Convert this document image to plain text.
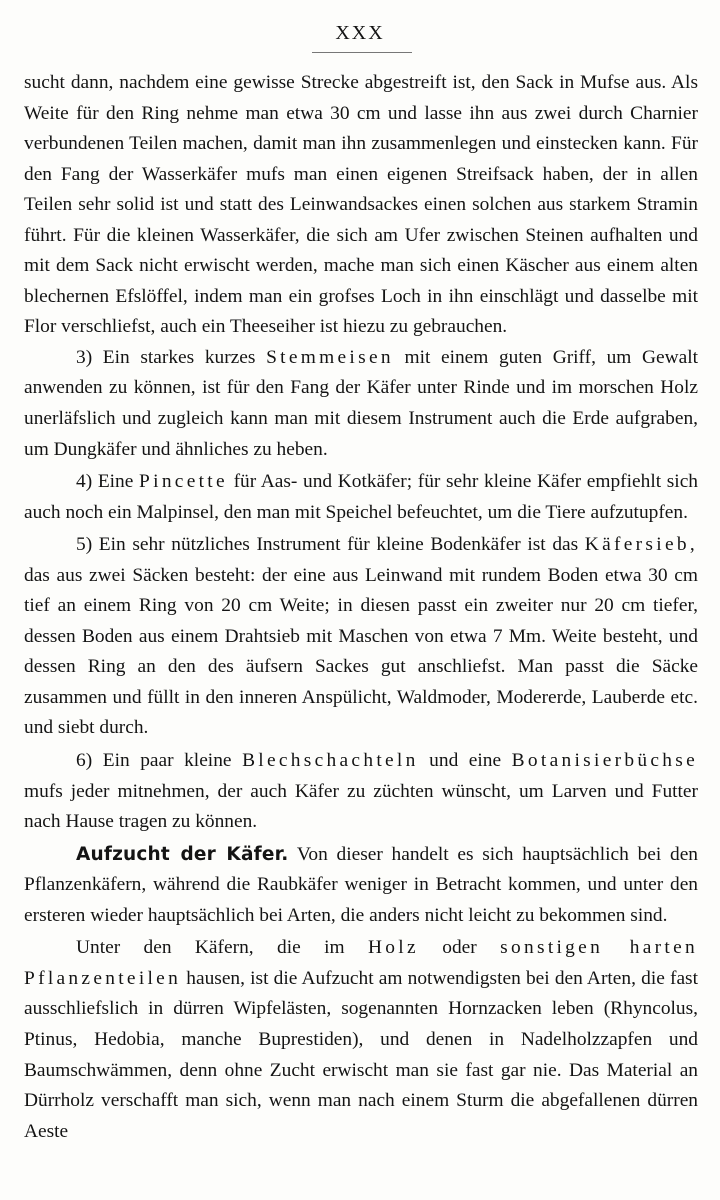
XXX

sucht dann, nachdem eine gewisse Strecke abgestreift ist, den Sack in Mufse aus. Als Weite für den Ring nehme man etwa 30 cm und lasse ihn aus zwei durch Charnier verbundenen Teilen machen, damit man ihn zusammenlegen und einstecken kann. Für den Fang der Wasserkäfer mufs man einen eigenen Streifsack haben, der in allen Teilen sehr solid ist und statt des Leinwandsackes einen solchen aus starkem Stramin führt. Für die kleinen Wasserkäfer, die sich am Ufer zwischen Steinen aufhalten und mit dem Sack nicht erwischt werden, mache man sich einen Käscher aus einem alten blechernen Efslöffel, indem man ein grofses Loch in ihn einschlägt und dasselbe mit Flor verschliefst, auch ein Theeseiher ist hiezu zu gebrauchen.

3) Ein starkes kurzes Stemmeisen mit einem guten Griff, um Gewalt anwenden zu können, ist für den Fang der Käfer unter Rinde und im morschen Holz unerläfslich und zugleich kann man mit diesem Instrument auch die Erde aufgraben, um Dungkäfer und ähnliches zu heben.

4) Eine Pincette für Aas- und Kotkäfer; für sehr kleine Käfer empfiehlt sich auch noch ein Malpinsel, den man mit Speichel befeuchtet, um die Tiere aufzutupfen.

5) Ein sehr nützliches Instrument für kleine Bodenkäfer ist das Käfersieb, das aus zwei Säcken besteht: der eine aus Leinwand mit rundem Boden etwa 30 cm tief an einem Ring von 20 cm Weite; in diesen passt ein zweiter nur 20 cm tiefer, dessen Boden aus einem Drahtsieb mit Maschen von etwa 7 Mm. Weite besteht, und dessen Ring an den des äufsern Sackes gut anschliefst. Man passt die Säcke zusammen und füllt in den inneren Anspülicht, Waldmoder, Modererde, Lauberde etc. und siebt durch.

6) Ein paar kleine Blechschachteln und eine Botanisierbüchse mufs jeder mitnehmen, der auch Käfer zu züchten wünscht, um Larven und Futter nach Hause tragen zu können.

Aufzucht der Käfer. Von dieser handelt es sich hauptsächlich bei den Pflanzenkäfern, während die Raubkäfer weniger in Betracht kommen, und unter den ersteren wieder hauptsächlich bei Arten, die anders nicht leicht zu bekommen sind.

Unter den Käfern, die im Holz oder sonstigen harten Pflanzenteilen hausen, ist die Aufzucht am notwendigsten bei den Arten, die fast ausschliefslich in dürren Wipfelästen, sogenannten Hornzacken leben (Rhyncolus, Ptinus, Hedobia, manche Buprestiden), und denen in Nadelholzzapfen und Baumschwämmen, denn ohne Zucht erwischt man sie fast gar nie. Das Material an Dürrholz verschafft man sich, wenn man nach einem Sturm die abgefallenen dürren Aeste
